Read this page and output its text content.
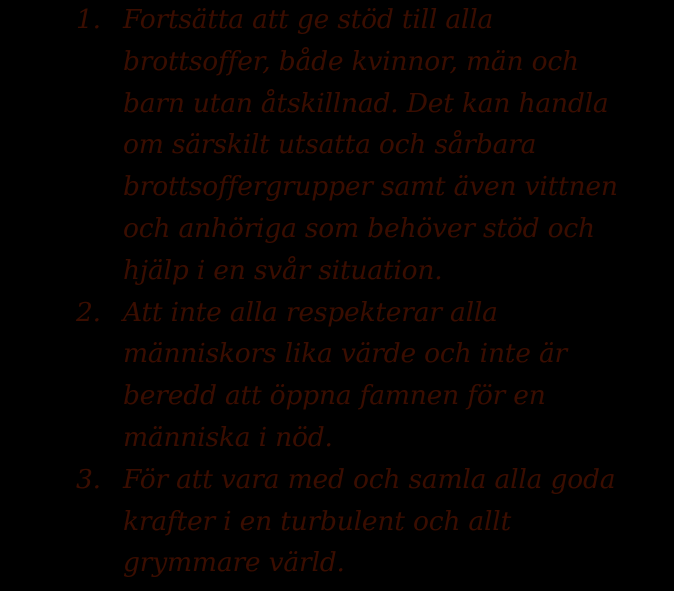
1. Fortsätta att ge stöd till alla
brottsoffer, både kvinnor, män och
barn utan åtskillnad. Det kan handla
om särskilt utsatta och sårbara
brottsoffergrupper samt även vittnen
och anhöriga som behöver stöd och
hjälp i en svår situation.
2. Att inte alla respekterar alla
människors lika värde och inte är
beredd att öppna famnen för en
människa i nöd.
3. För att vara med och samla alla goda
krafter i en turbulent och allt
grymmare värld.
